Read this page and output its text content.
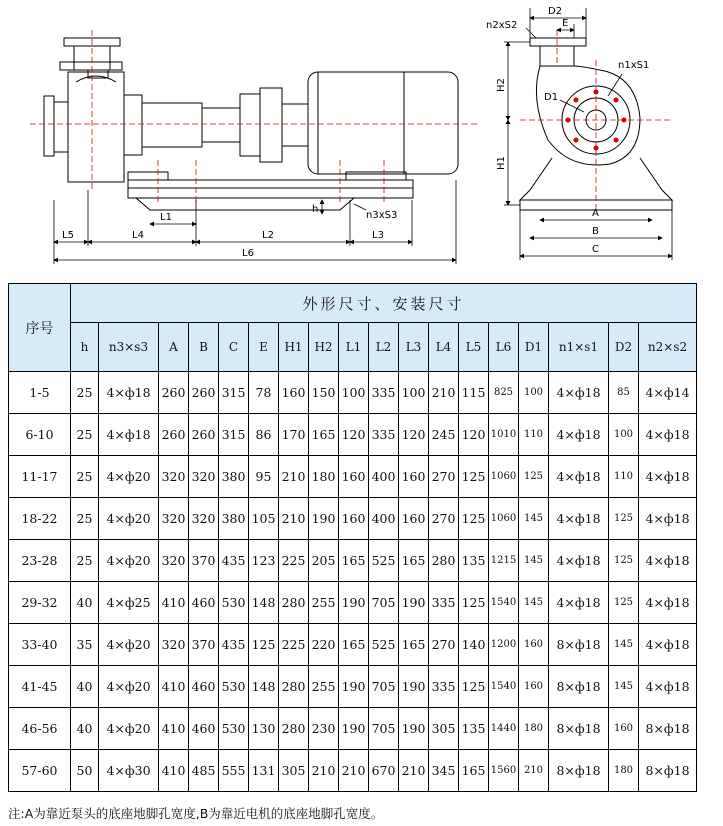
L1
L4	L2	L3
L5
L6
h
n3xS3
D2
E
n2xS2
n1xS1
D1
H2
H1
A
B
C
序号	外形尺寸、安装尺寸																	
	h	n3×s3	A	B	C	E	H1	H2	L1	L2	L3	L4	L5	L6	D1	n1×s1	D2	n2×s2
1-5	25	4×ф18	260	260	315	78	160	150	100	335	100	210	115	825	100	4×ф18	85	4×ф14
6-10	25	4×ф18	260	260	315	86	170	165	120	335	120	245	120	1010	110	4×ф18	100	4×ф18
11-17	25	4×ф20	320	320	380	95	210	180	160	400	160	270	125	1060	125	4×ф18	110	4×ф18
18-22	25	4×ф20	320	320	380	105	210	190	160	400	160	270	125	1060	145	4×ф18	125	4×ф18
23-28	25	4×ф20	320	370	435	123	225	205	165	525	165	280	135	1215	145	4×ф18	125	4×ф18
29-32	40	4×ф25	410	460	530	148	280	255	190	705	190	335	125	1540	145	4×ф18	125	4×ф18
33-40	35	4×ф20	320	370	435	125	225	220	165	525	165	270	140	1200	160	8×ф18	145	4×ф18
41-45	40	4×ф20	410	460	530	148	280	255	190	705	190	335	125	1540	160	8×ф18	145	4×ф18
46-56	40	4×ф20	410	460	530	130	280	230	190	705	190	305	135	1440	180	8×ф18	160	8×ф18
57-60	50	4×ф30	410	485	555	131	305	210	210	670	210	345	165	1560	210	8×ф18	180	8×ф18
注:A为靠近泵头的底座地脚孔宽度,B为靠近电机的底座地脚孔宽度。
